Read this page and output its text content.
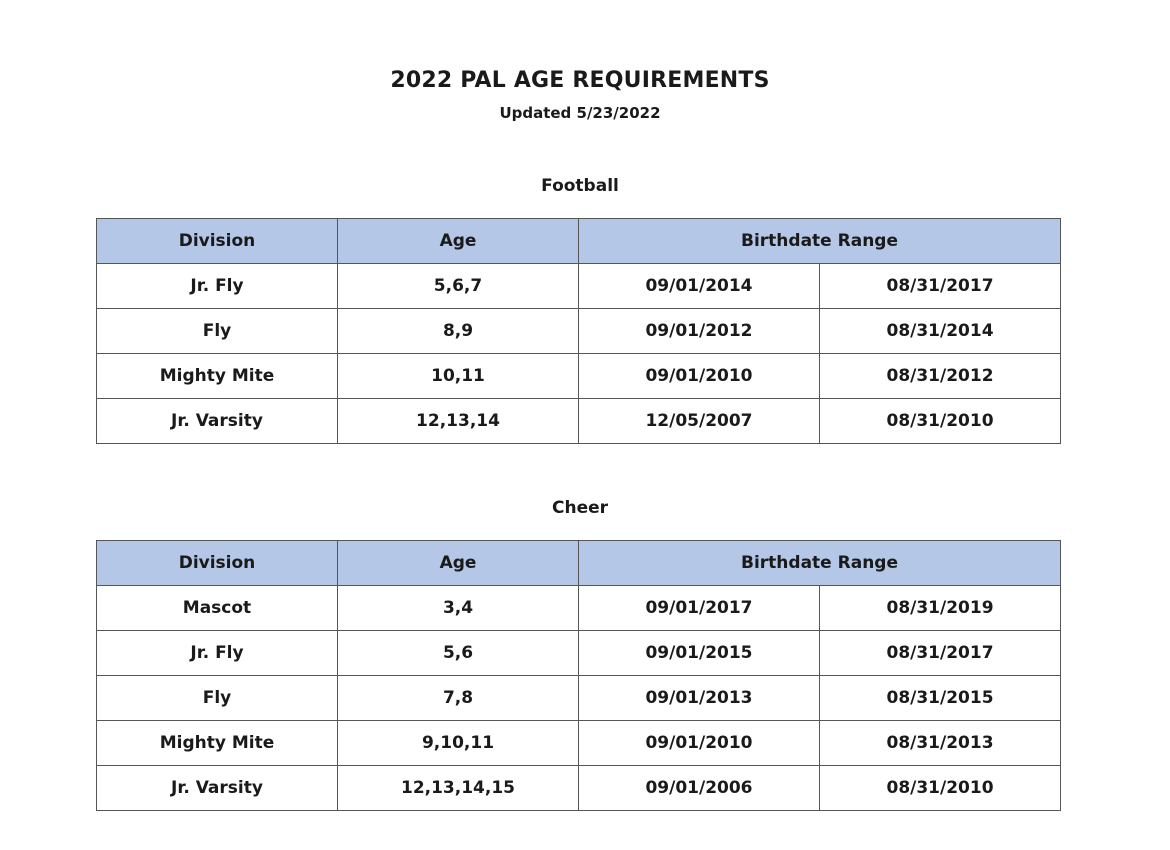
2022 PAL AGE REQUIREMENTS
Updated 5/23/2022
Football
Division	Age	Birthdate Range	
Jr. Fly	5,6,7	09/01/2014	08/31/2017
Fly	8,9	09/01/2012	08/31/2014
Mighty Mite	10,11	09/01/2010	08/31/2012
Jr. Varsity	12,13,14	12/05/2007	08/31/2010
Cheer
Division	Age	Birthdate Range	
Mascot	3,4	09/01/2017	08/31/2019
Jr. Fly	5,6	09/01/2015	08/31/2017
Fly	7,8	09/01/2013	08/31/2015
Mighty Mite	9,10,11	09/01/2010	08/31/2013
Jr. Varsity	12,13,14,15	09/01/2006	08/31/2010
